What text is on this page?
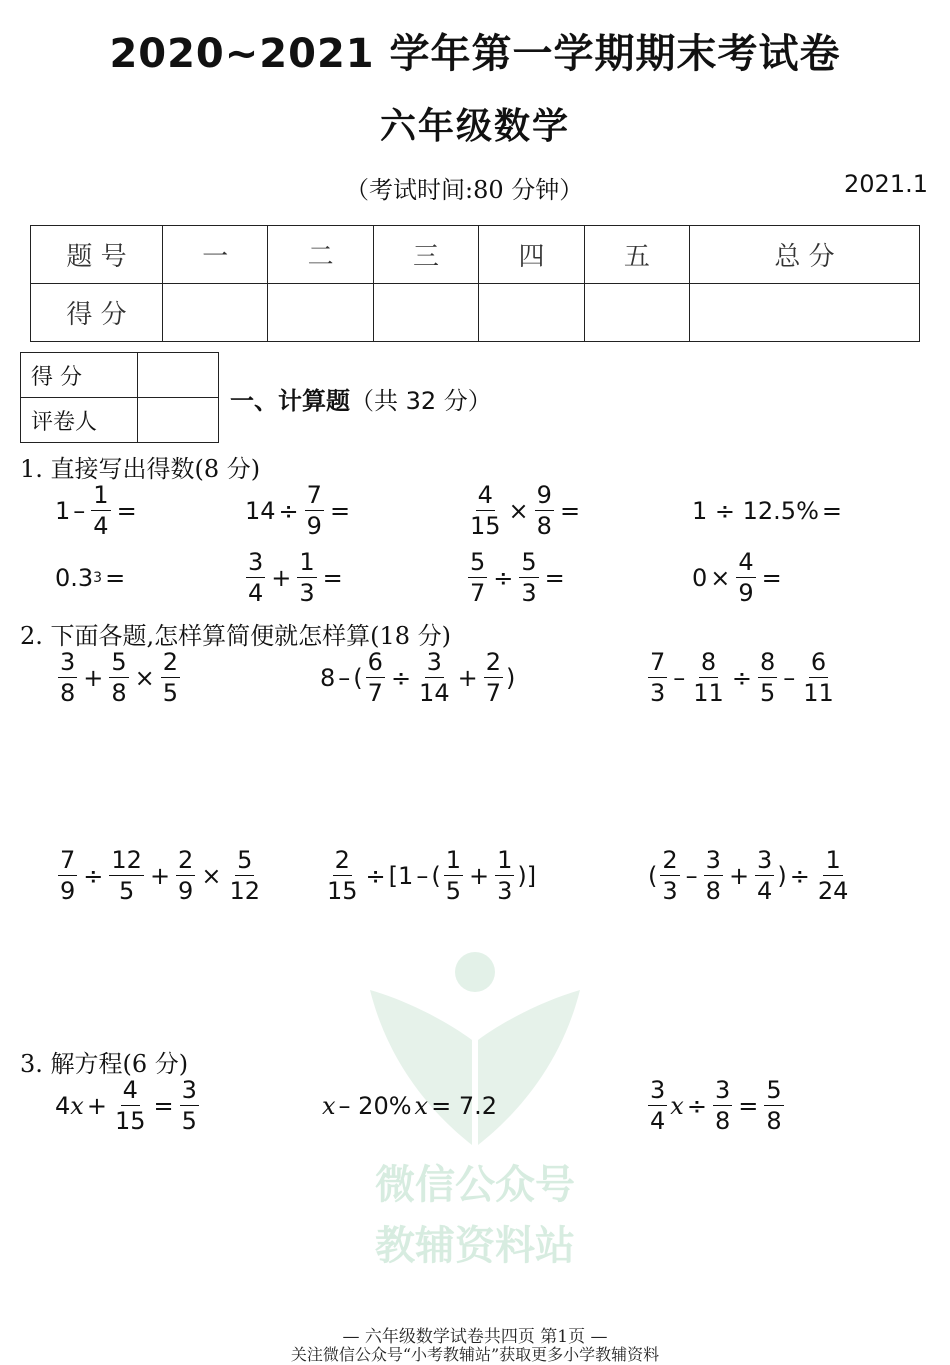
2020~2021 学年第一学期期末考试卷
六年级数学
（考试时间:80 分钟）	2021.1
题 号	一	二	三	四	五	总 分
得 分						
得 分	
评卷人	
一、计算题（共 32 分）
1. 直接写出得数(8 分)
$1 - \frac{1}{4}$ =	$14 \div \frac{7}{9}$ =	$\frac{4}{15} \times \frac{9}{8}$ =	1 ÷ 12.5% =
0.3 3 =	$\frac{3}{4} + \frac{1}{3}$ =	$\frac{5}{7} \div \frac{5}{3}$ =	$0 \times \frac{4}{9}$ =
2. 下面各题,怎样算简便就怎样算(18 分)
$\frac{3}{8} + \frac{5}{8} \times \frac{2}{5}$	8 – ( $\frac{6}{7} \div \frac{3}{14} + \frac{2}{7}$ )	$\frac{7}{3} - \frac{8}{11} \div \frac{8}{5} - \frac{6}{11}$
$\frac{7}{9} \div \frac{12}{5} + \frac{2}{9} \times \frac{5}{12}$	$\frac{2}{15}$ ÷ [ 1 – ( $\frac{1}{5} + \frac{1}{3}$ ) ]	( $\frac{2}{3} - \frac{3}{8} + \frac{3}{4}$ ) ÷ $\frac{1}{24}$
微信公众号
教辅资料站
3. 解方程(6 分)
4 $x + \frac{4}{15} = \frac{3}{5}$	x – 20% x = 7.2	$\frac{3}{4}$ $x \div \frac{3}{8} = \frac{5}{8}$
— 六年级数学试卷共四页 第1页 —
关注微信公众号“小考教辅站”获取更多小学教辅资料
